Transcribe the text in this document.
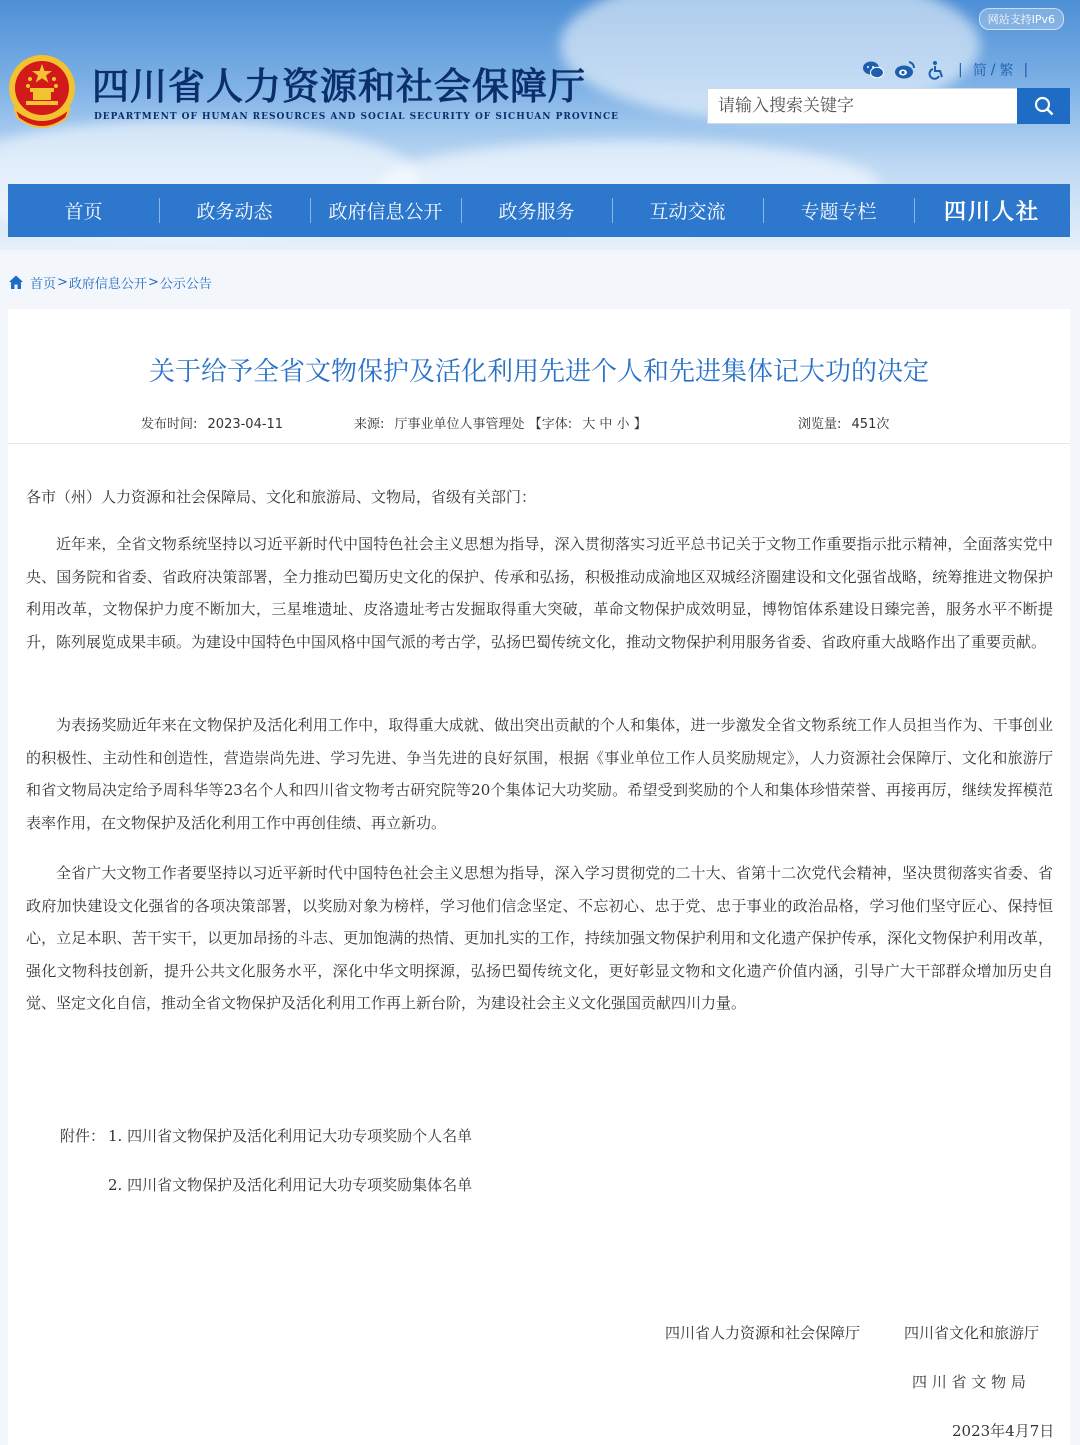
网站支持IPv6
四川省人力资源和社会保障厅
DEPARTMENT OF HUMAN RESOURCES AND SOCIAL SECURITY OF SICHUAN PROVINCE
| 简 / 繁 |
请输入搜索关键字
首页	政务动态	政府信息公开	政务服务	互动交流	专题专栏	四川人社
首页 > 政府信息公开 > 公示公告
关于给予全省文物保护及活化利用先进个人和先进集体记大功的决定
发布时间: 2023-04-11	来源: 厅事业单位人事管理处 【字体: 大 中 小 】	浏览量: 451次
各市（州）人力资源和社会保障局、文化和旅游局、文物局，省级有关部门：

近年来，全省文物系统坚持以习近平新时代中国特色社会主义思想为指导，深入贯彻落实习近平总书记关于文物工作重要指示批示精神，全面落实党中央、国务院和省委、省政府决策部署，全力推动巴蜀历史文化的保护、传承和弘扬，积极推动成渝地区双城经济圈建设和文化强省战略，统筹推进文物保护利用改革，文物保护力度不断加大，三星堆遗址、皮洛遗址考古发掘取得重大突破，革命文物保护成效明显，博物馆体系建设日臻完善，服务水平不断提升，陈列展览成果丰硕。为建设中国特色中国风格中国气派的考古学，弘扬巴蜀传统文化，推动文物保护利用服务省委、省政府重大战略作出了重要贡献。

为表扬奖励近年来在文物保护及活化利用工作中，取得重大成就、做出突出贡献的个人和集体，进一步激发全省文物系统工作人员担当作为、干事创业的积极性、主动性和创造性，营造崇尚先进、学习先进、争当先进的良好氛围，根据《事业单位工作人员奖励规定》，人力资源社会保障厅、文化和旅游厅和省文物局决定给予周科华等23名个人和四川省文物考古研究院等20个集体记大功奖励。希望受到奖励的个人和集体珍惜荣誉、再接再厉，继续发挥模范表率作用，在文物保护及活化利用工作中再创佳绩、再立新功。

全省广大文物工作者要坚持以习近平新时代中国特色社会主义思想为指导，深入学习贯彻党的二十大、省第十二次党代会精神，坚决贯彻落实省委、省政府加快建设文化强省的各项决策部署，以奖励对象为榜样，学习他们信念坚定、不忘初心、忠于党、忠于事业的政治品格，学习他们坚守匠心、保持恒心，立足本职、苦干实干，以更加昂扬的斗志、更加饱满的热情、更加扎实的工作，持续加强文物保护利用和文化遗产保护传承，深化文物保护利用改革，强化文物科技创新，提升公共文化服务水平，深化中华文明探源，弘扬巴蜀传统文化，更好彰显文物和文化遗产价值内涵，引导广大干部群众增加历史自觉、坚定文化自信，推动全省文物保护及活化利用工作再上新台阶，为建设社会主义文化强国贡献四川力量。

附件： 1. 四川省文物保护及活化利用记大功专项奖励个人名单
2. 四川省文物保护及活化利用记大功专项奖励集体名单
四川省人力资源和社会保障厅	四川省文化和旅游厅
四 川 省 文 物 局
2023年4月7日
